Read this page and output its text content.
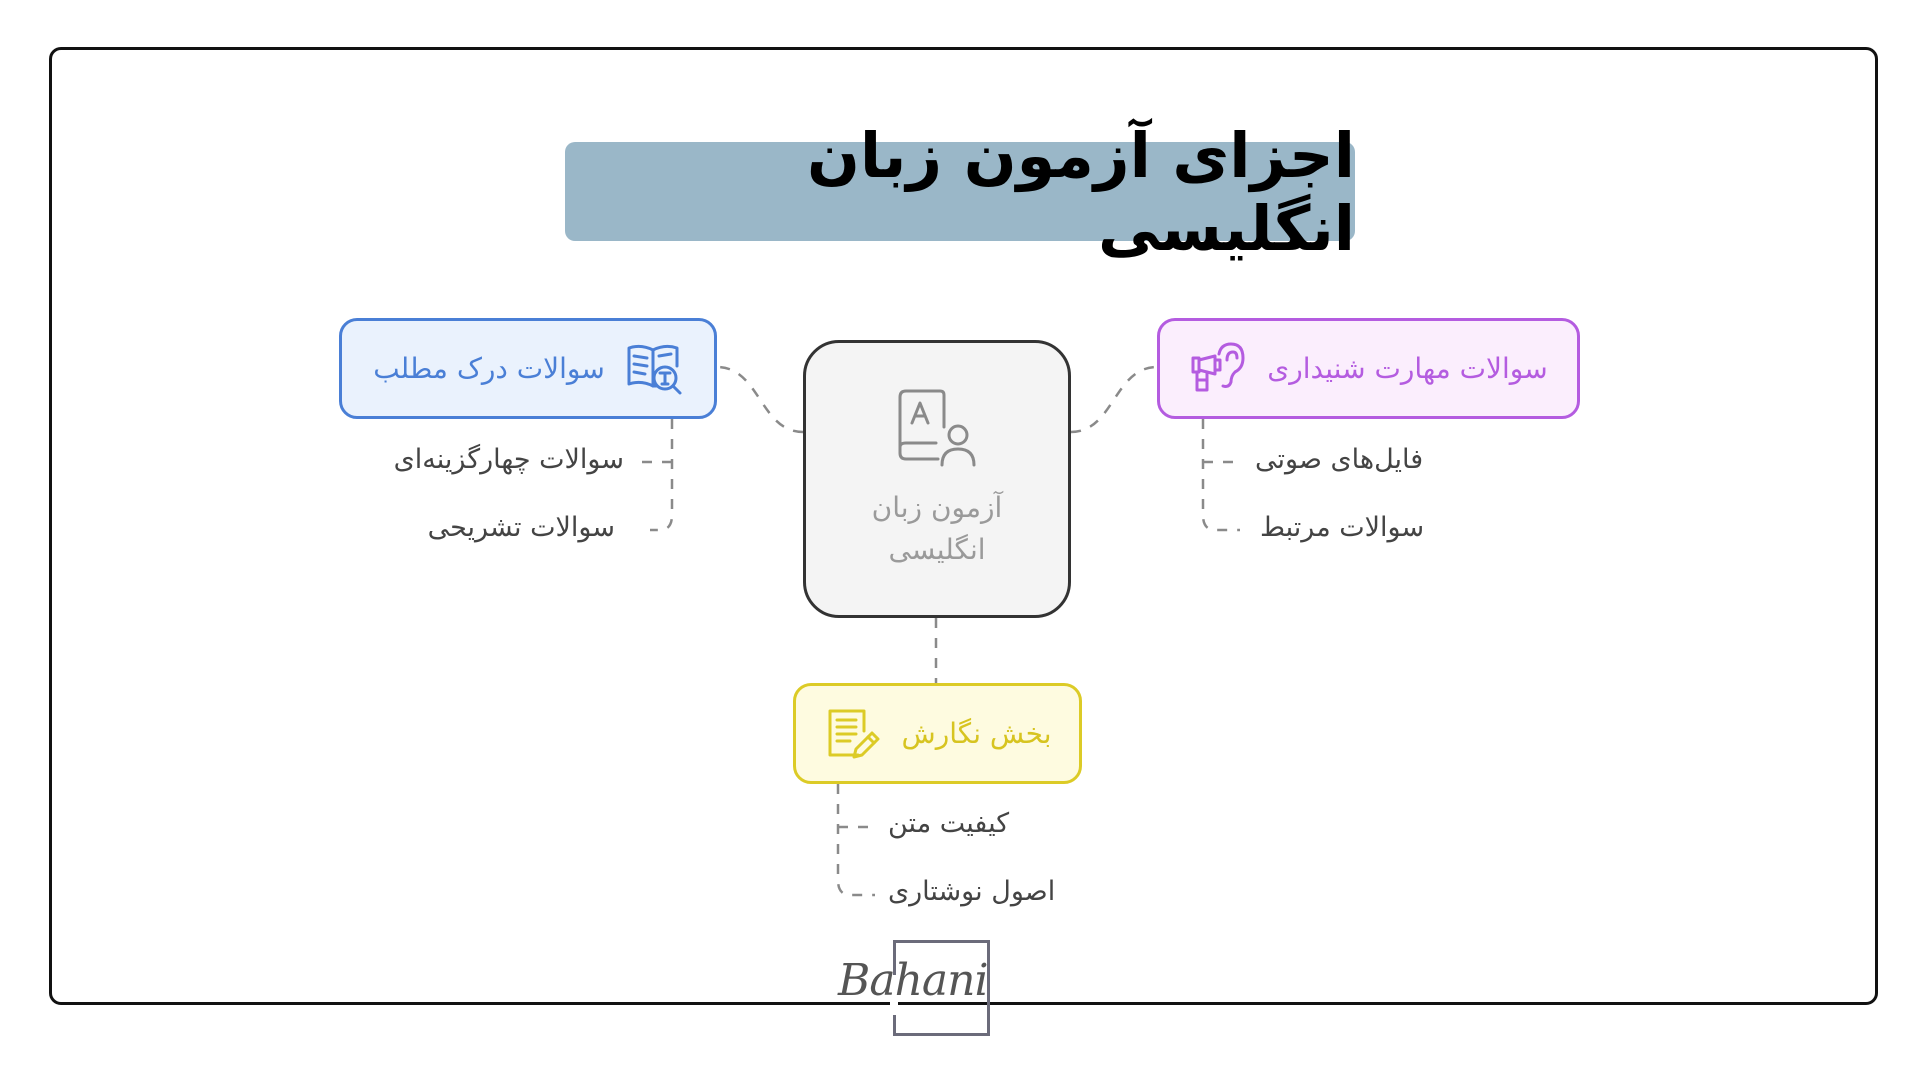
اجزای آزمون زبان انگلیسی
سوالات درک مطلب	سوالات مهارت شنیداری
بخش نگارش
آزمون زبان انگلیسی
سوالات چهارگزینه‌ای
سوالات تشریحی
فایل‌های صوتی
سوالات مرتبط
کیفیت متن
اصول نوشتاری
Bahani
